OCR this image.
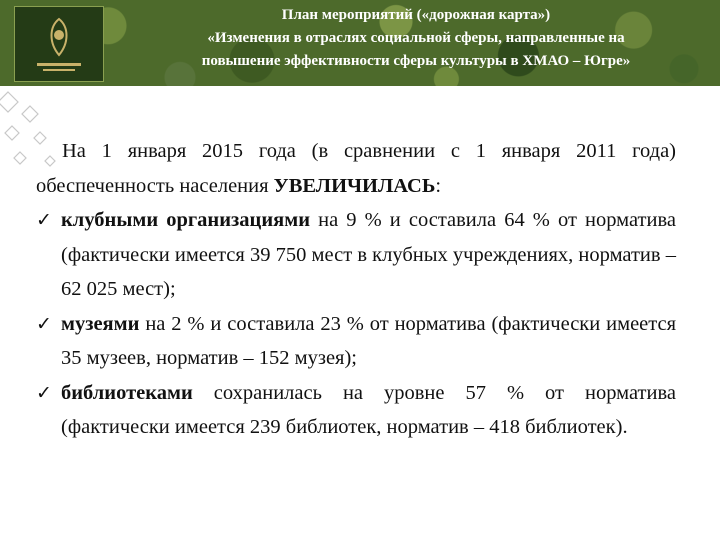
План мероприятий («дорожная карта»)
«Изменения в отраслях социальной сферы, направленные на
повышение эффективности сферы культуры в ХМАО – Югре»
На 1 января 2015 года (в сравнении с 1 января 2011 года) обеспеченность населения УВЕЛИЧИЛАСЬ:
✓ клубными организациями на 9 % и составила 64 % от норматива (фактически имеется 39 750 мест в клубных учреждениях, норматив – 62 025 мест);
✓ музеями на 2 % и составила 23 % от норматива (фактически имеется 35 музеев, норматив – 152 музея);
✓ библиотеками сохранилась на уровне 57 % от норматива (фактически имеется 239 библиотек, норматив – 418 библиотек).
